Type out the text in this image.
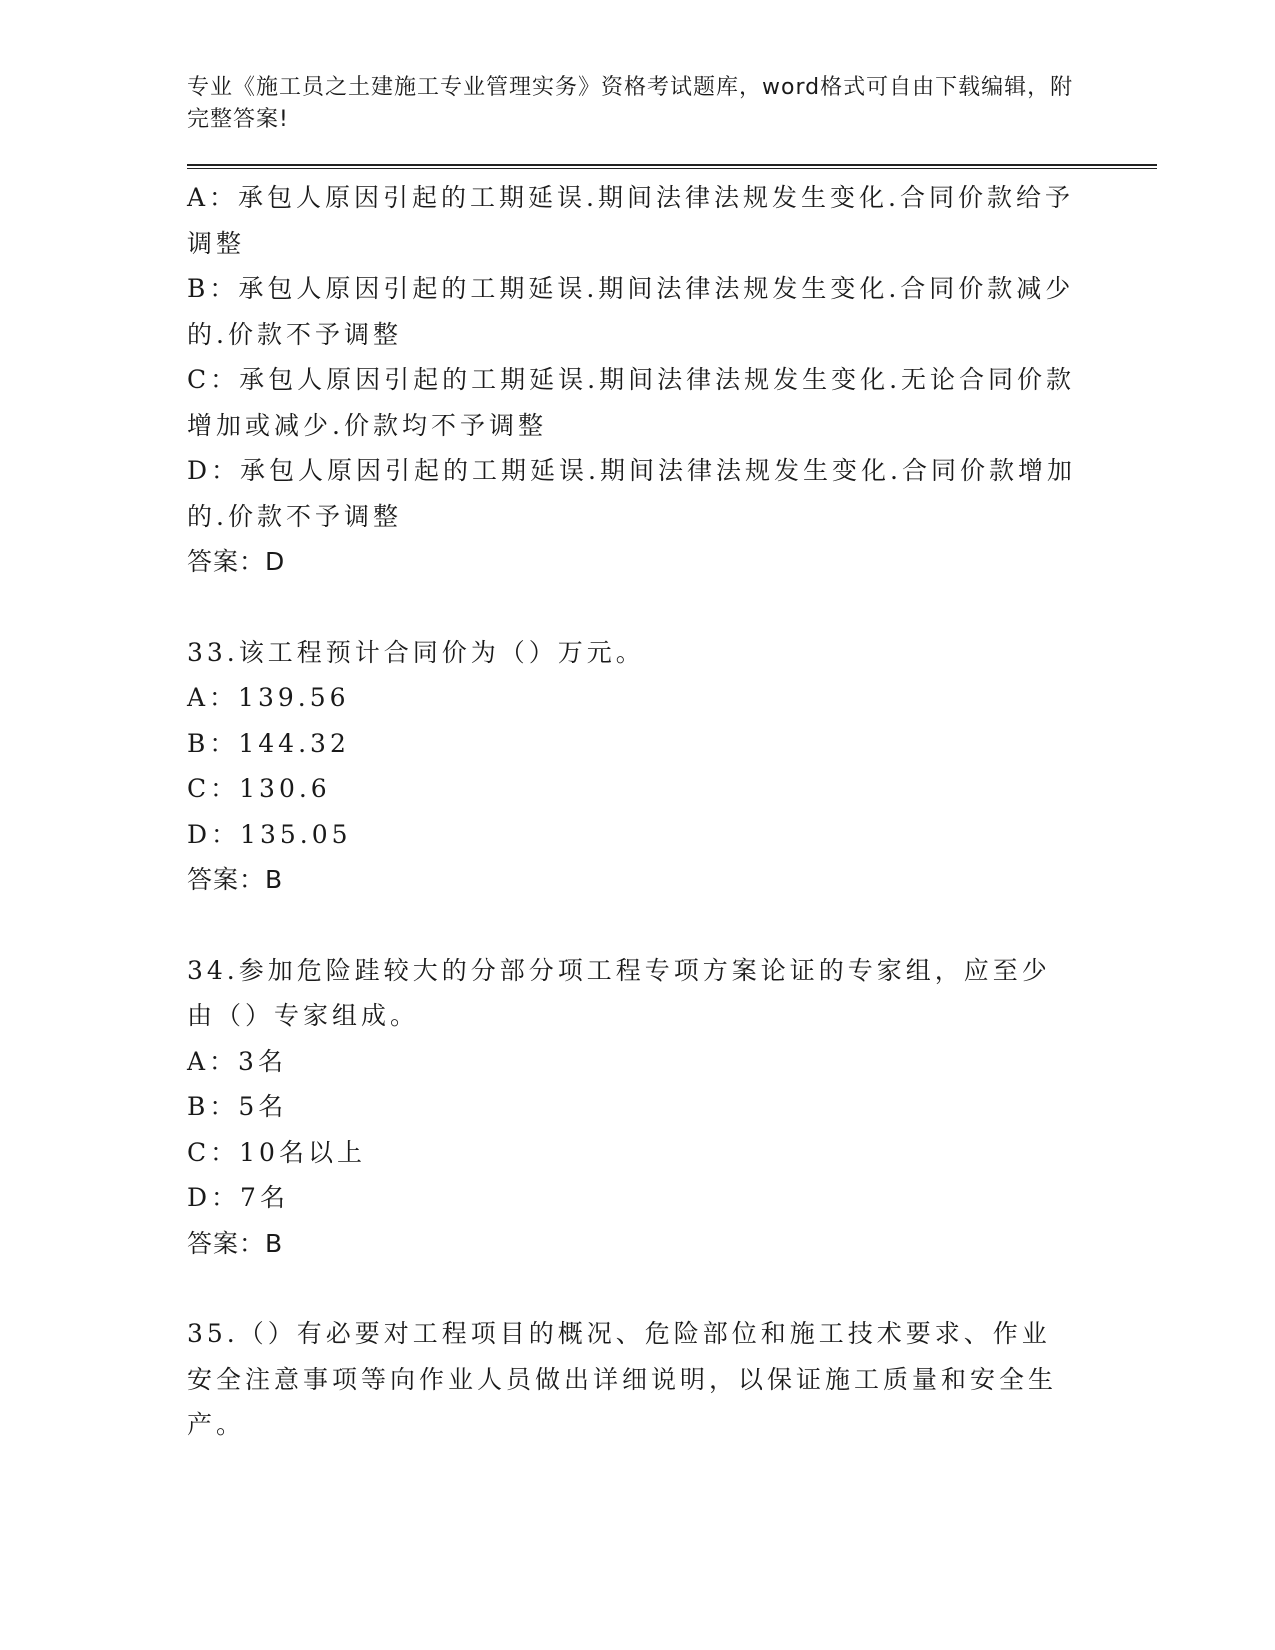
专业《施工员之土建施工专业管理实务》资格考试题库，word格式可自由下载编辑，附完整答案!

A：承包人原因引起的工期延误.期间法律法规发生变化.合同价款给予调整

B：承包人原因引起的工期延误.期间法律法规发生变化.合同价款减少的.价款不予调整

C：承包人原因引起的工期延误.期间法律法规发生变化.无论合同价款增加或减少.价款均不予调整

D：承包人原因引起的工期延误.期间法律法规发生变化.合同价款增加的.价款不予调整

答案：D

33.该工程预计合同价为（）万元。

A：139.56

B：144.32

C：130.6

D：135.05

答案：B

34.参加危险跬较大的分部分项工程专项方案论证的专家组，应至少由（）专家组成。

A：3名

B：5名

C：10名以上

D：7名

答案：B

35.（）有必要对工程项目的概况、危险部位和施工技术要求、作业安全注意事项等向作业人员做出详细说明，以保证施工质量和安全生产。
